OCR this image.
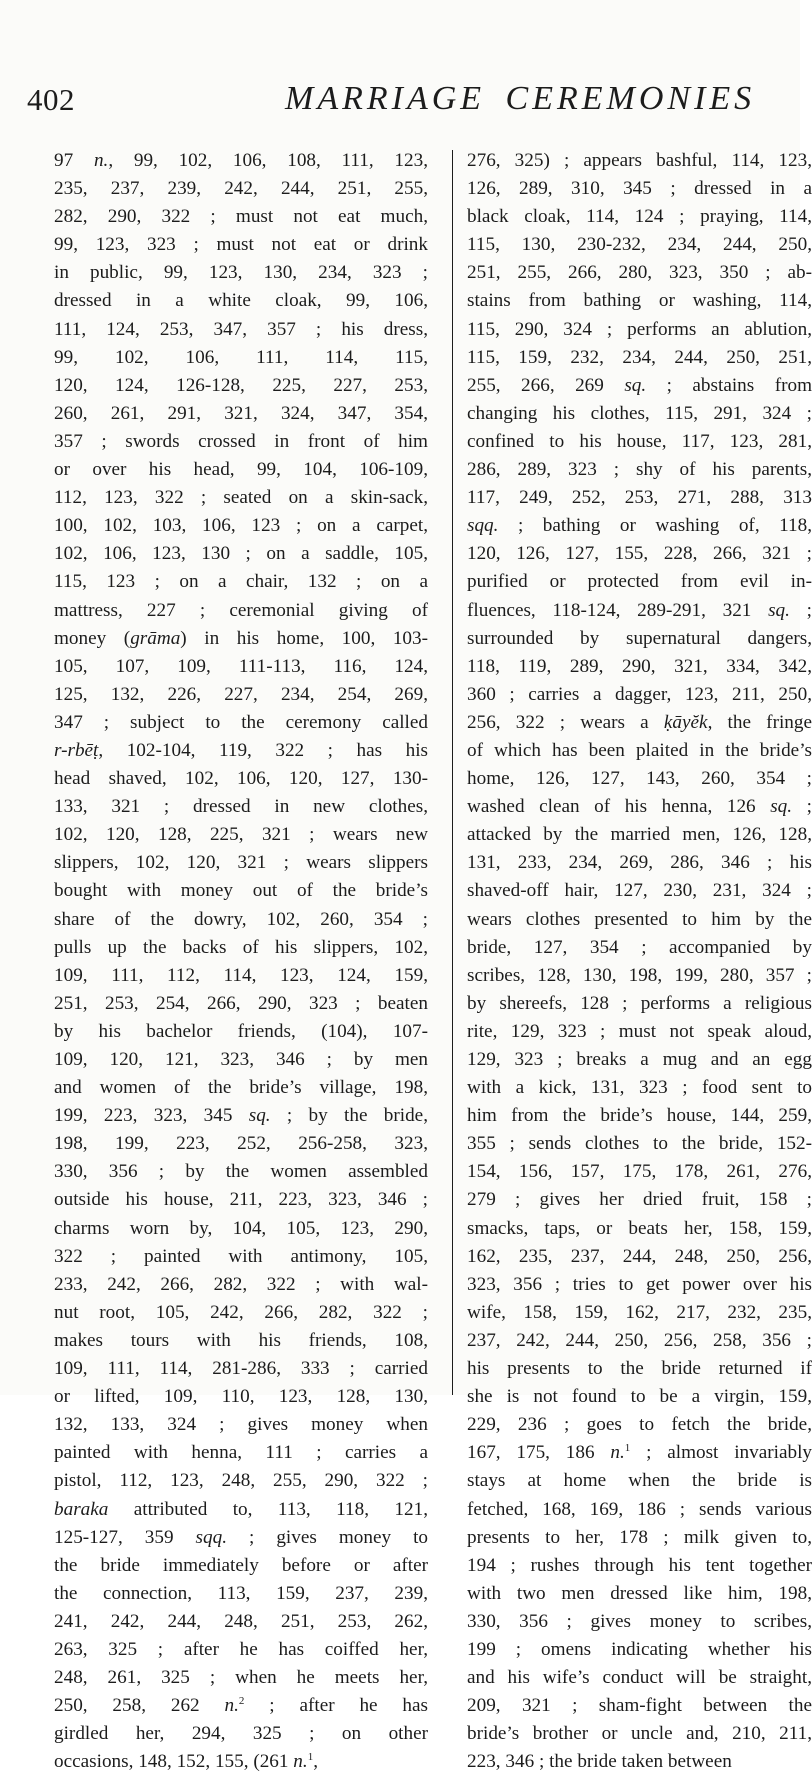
402	MARRIAGE CEREMONIES
97 n., 99, 102, 106, 108, 111, 123,
235, 237, 239, 242, 244, 251, 255,
282, 290, 322 ; must not eat much,
99, 123, 323 ; must not eat or drink
in public, 99, 123, 130, 234, 323 ;
dressed in a white cloak, 99, 106,
111, 124, 253, 347, 357 ; his dress,
99, 102, 106, 111, 114, 115,
120, 124, 126-128, 225, 227, 253,
260, 261, 291, 321, 324, 347, 354,
357 ; swords crossed in front of him
or over his head, 99, 104, 106-109,
112, 123, 322 ; seated on a skin-sack,
100, 102, 103, 106, 123 ; on a carpet,
102, 106, 123, 130 ; on a saddle, 105,
115, 123 ; on a chair, 132 ; on a
mattress, 227 ; ceremonial giving of
money (grāma) in his home, 100, 103-
105, 107, 109, 111-113, 116, 124,
125, 132, 226, 227, 234, 254, 269,
347 ; subject to the ceremony called
r-rbēṭ, 102-104, 119, 322 ; has his
head shaved, 102, 106, 120, 127, 130-
133, 321 ; dressed in new clothes,
102, 120, 128, 225, 321 ; wears new
slippers, 102, 120, 321 ; wears slippers
bought with money out of the bride’s
share of the dowry, 102, 260, 354 ;
pulls up the backs of his slippers, 102,
109, 111, 112, 114, 123, 124, 159,
251, 253, 254, 266, 290, 323 ; beaten
by his bachelor friends, (104), 107-
109, 120, 121, 323, 346 ; by men
and women of the bride’s village, 198,
199, 223, 323, 345 sq. ; by the bride,
198, 199, 223, 252, 256-258, 323,
330, 356 ; by the women assembled
outside his house, 211, 223, 323, 346 ;
charms worn by, 104, 105, 123, 290,
322 ; painted with antimony, 105,
233, 242, 266, 282, 322 ; with wal-
nut root, 105, 242, 266, 282, 322 ;
makes tours with his friends, 108,
109, 111, 114, 281-286, 333 ; carried
or lifted, 109, 110, 123, 128, 130,
132, 133, 324 ; gives money when
painted with henna, 111 ; carries a
pistol, 112, 123, 248, 255, 290, 322 ;
baraka attributed to, 113, 118, 121,
125-127, 359 sqq. ; gives money to
the bride immediately before or after
the connection, 113, 159, 237, 239,
241, 242, 244, 248, 251, 253, 262,
263, 325 ; after he has coiffed her,
248, 261, 325 ; when he meets her,
250, 258, 262 n.$^2$ ; after he has
girdled her, 294, 325 ; on other
occasions, 148, 152, 155, (261 n.$^1$,
276, 325) ; appears bashful, 114, 123,
126, 289, 310, 345 ; dressed in a
black cloak, 114, 124 ; praying, 114,
115, 130, 230-232, 234, 244, 250,
251, 255, 266, 280, 323, 350 ; ab-
stains from bathing or washing, 114,
115, 290, 324 ; performs an ablution,
115, 159, 232, 234, 244, 250, 251,
255, 266, 269 sq. ; abstains from
changing his clothes, 115, 291, 324 ;
confined to his house, 117, 123, 281,
286, 289, 323 ; shy of his parents,
117, 249, 252, 253, 271, 288, 313
sqq. ; bathing or washing of, 118,
120, 126, 127, 155, 228, 266, 321 ;
purified or protected from evil in-
fluences, 118-124, 289-291, 321 sq. ;
surrounded by supernatural dangers,
118, 119, 289, 290, 321, 334, 342,
360 ; carries a dagger, 123, 211, 250,
256, 322 ; wears a ḳāyĕk, the fringe
of which has been plaited in the bride’s
home, 126, 127, 143, 260, 354 ;
washed clean of his henna, 126 sq. ;
attacked by the married men, 126, 128,
131, 233, 234, 269, 286, 346 ; his
shaved-off hair, 127, 230, 231, 324 ;
wears clothes presented to him by the
bride, 127, 354 ; accompanied by
scribes, 128, 130, 198, 199, 280, 357 ;
by shereefs, 128 ; performs a religious
rite, 129, 323 ; must not speak aloud,
129, 323 ; breaks a mug and an egg
with a kick, 131, 323 ; food sent to
him from the bride’s house, 144, 259,
355 ; sends clothes to the bride, 152-
154, 156, 157, 175, 178, 261, 276,
279 ; gives her dried fruit, 158 ;
smacks, taps, or beats her, 158, 159,
162, 235, 237, 244, 248, 250, 256,
323, 356 ; tries to get power over his
wife, 158, 159, 162, 217, 232, 235,
237, 242, 244, 250, 256, 258, 356 ;
his presents to the bride returned if
she is not found to be a virgin, 159,
229, 236 ; goes to fetch the bride,
167, 175, 186 n.$^1$ ; almost invariably
stays at home when the bride is
fetched, 168, 169, 186 ; sends various
presents to her, 178 ; milk given to,
194 ; rushes through his tent together
with two men dressed like him, 198,
330, 356 ; gives money to scribes,
199 ; omens indicating whether his
and his wife’s conduct will be straight,
209, 321 ; sham-fight between the
bride’s brother or uncle and, 210, 211,
223, 346 ; the bride taken between
